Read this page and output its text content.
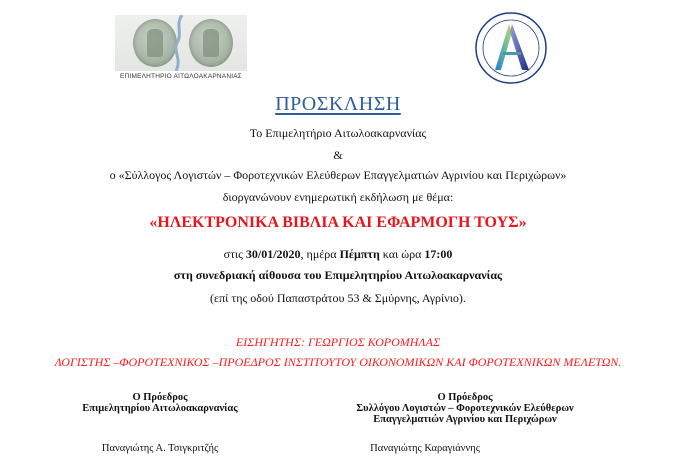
ΕΠΙΜΕΛΗΤΗΡΙΟ ΑΙΤΩΛΟΑΚΑΡΝΑΝΙΑΣ
ΠΡΟΣΚΛΗΣΗ
Το Επιμελητήριο Αιτωλοακαρνανίας
&
ο «Σύλλογος Λογιστών – Φοροτεχνικών Ελεύθερων Επαγγελματιών Αγρινίου και Περιχώρων»
διοργανώνουν ενημερωτική εκδήλωση με θέμα:
«ΗΛΕΚΤΡΟΝΙΚΑ ΒΙΒΛΙΑ ΚΑΙ ΕΦΑΡΜΟΓΗ ΤΟΥΣ»
στις 30/01/2020, ημέρα Πέμπτη και ώρα 17:00
στη συνεδριακή αίθουσα του Επιμελητηρίου Αιτωλοακαρνανίας
(επί της οδού Παπαστράτου 53 & Σμύρνης, Αγρίνιο).
ΕΙΣΗΓΗΤΗΣ: ΓΕΩΡΓΙΟΣ ΚΟΡΟΜΗΛΑΣ
ΛΟΓΙΣΤΗΣ –ΦΟΡΟΤΕΧΝΙΚΟΣ –ΠΡΟΕΔΡΟΣ ΙΝΣΤΙΤΟΥΤΟΥ ΟΙΚΟΝΟΜΙΚΩΝ ΚΑΙ ΦΟΡΟΤΕΧΝΙΚΩΝ ΜΕΛΕΤΩΝ.
Ο Πρόεδρος
Επιμελητηρίου Αιτωλοακαρνανίας
Ο Πρόεδρος
Συλλόγου Λογιστών – Φοροτεχνικών Ελεύθερων
Επαγγελματιών Αγρινίου και Περιχώρων
Παναγιώτης Α. Τσιγκριτζής	Παναγιώτης Καραγιάννης
